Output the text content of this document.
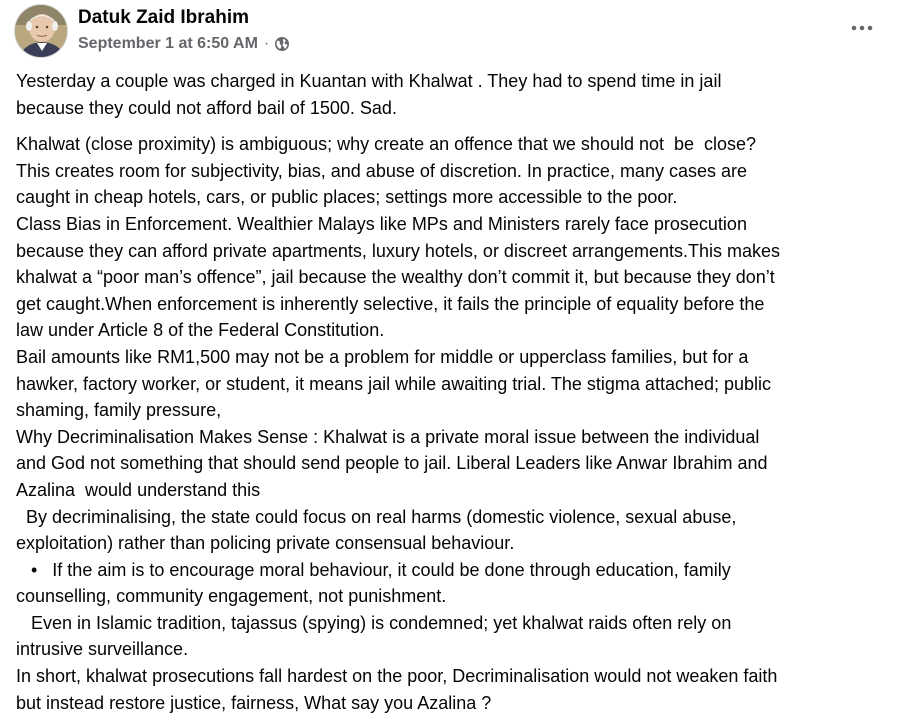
Datuk Zaid Ibrahim
September 1 at 6:50 AM ·
Yesterday a couple was charged in Kuantan with Khalwat . They had to spend time in jail
because they could not afford bail of 1500. Sad.
Khalwat (close proximity) is ambiguous; why create an offence that we should not  be  close?
This creates room for subjectivity, bias, and abuse of discretion. In practice, many cases are
caught in cheap hotels, cars, or public places; settings more accessible to the poor.
Class Bias in Enforcement. Wealthier Malays like MPs and Ministers rarely face prosecution
because they can afford private apartments, luxury hotels, or discreet arrangements.This makes
khalwat a “poor man’s offence”, jail because the wealthy don’t commit it, but because they don’t
get caught.When enforcement is inherently selective, it fails the principle of equality before the
law under Article 8 of the Federal Constitution.
Bail amounts like RM1,500 may not be a problem for middle or upperclass families, but for a
hawker, factory worker, or student, it means jail while awaiting trial. The stigma attached; public
shaming, family pressure,
Why Decriminalisation Makes Sense : Khalwat is a private moral issue between the individual
and God not something that should send people to jail. Liberal Leaders like Anwar Ibrahim and
Azalina  would understand this
By decriminalising, the state could focus on real harms (domestic violence, sexual abuse,
exploitation) rather than policing private consensual behaviour.
•   If the aim is to encourage moral behaviour, it could be done through education, family
counselling, community engagement, not punishment.
Even in Islamic tradition, tajassus (spying) is condemned; yet khalwat raids often rely on
intrusive surveillance.
In short, khalwat prosecutions fall hardest on the poor, Decriminalisation would not weaken faith
but instead restore justice, fairness, What say you Azalina ?
